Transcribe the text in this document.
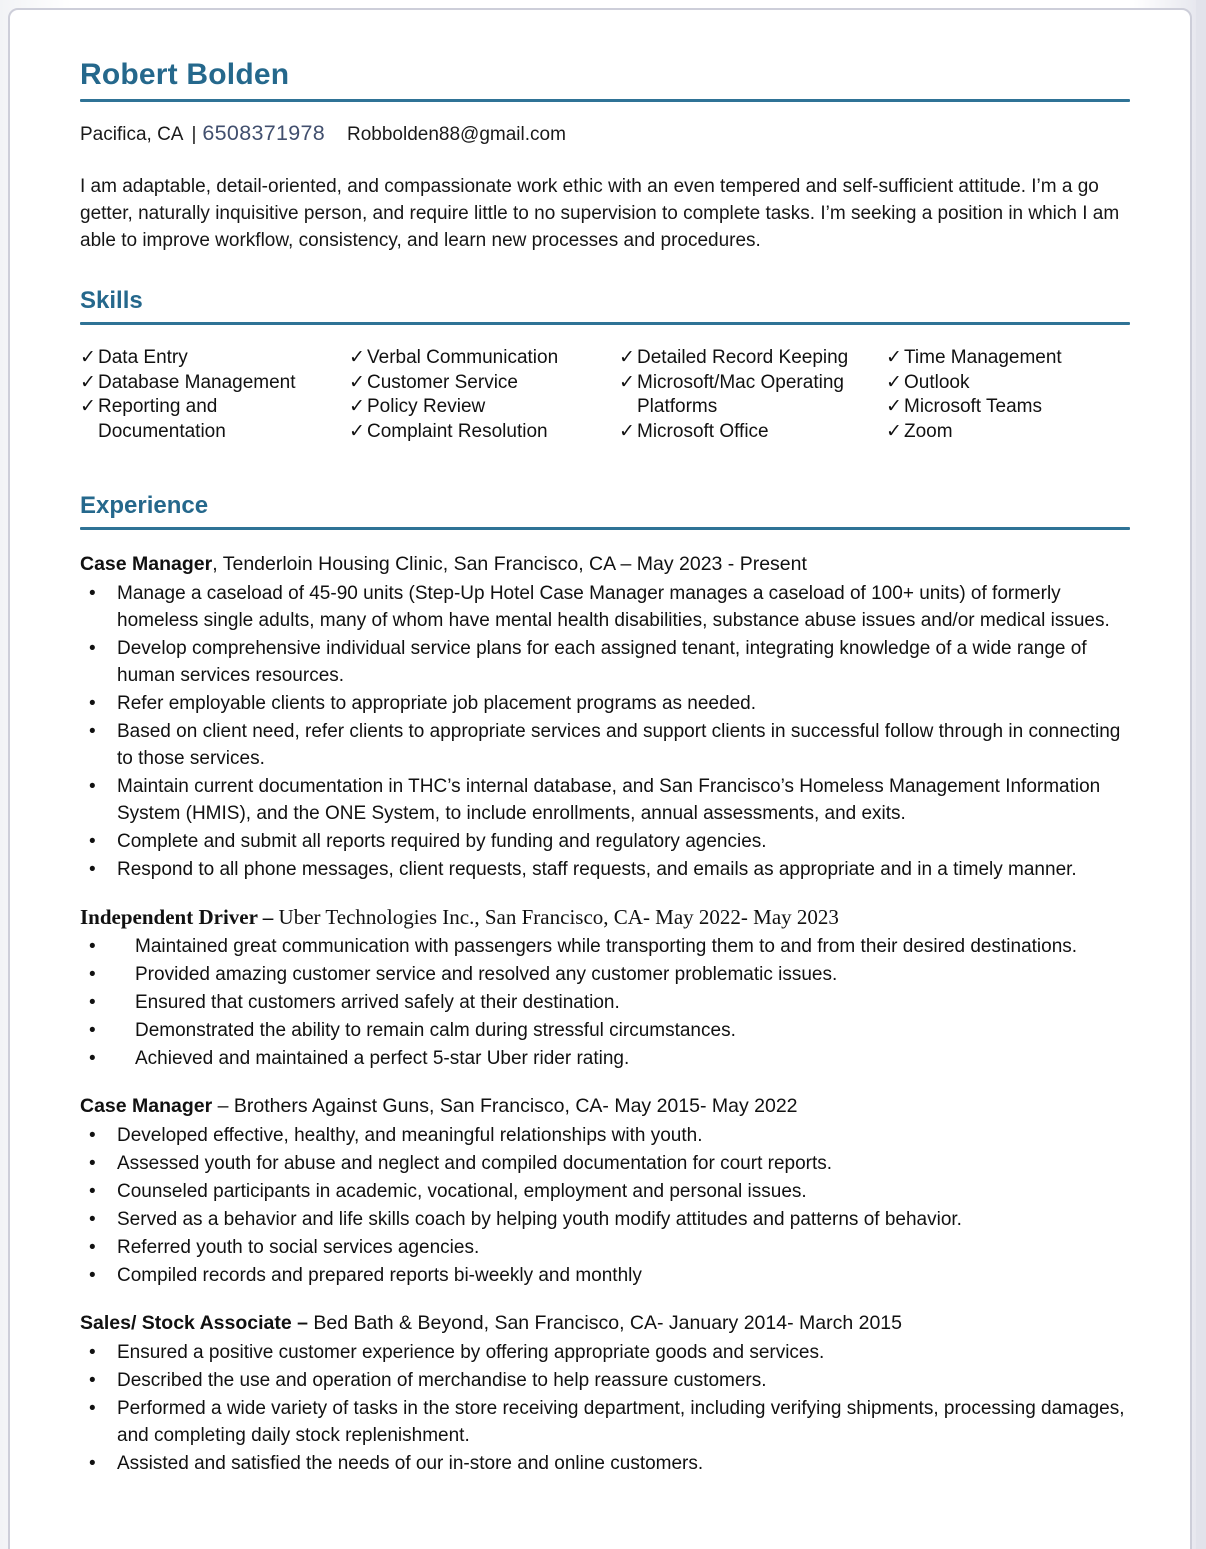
Robert Bolden
Pacifica, CA | 6508371978 Robbolden88@gmail.com

I am adaptable, detail-oriented, and compassionate work ethic with an even tempered and self-sufficient attitude. I’m a go getter, naturally inquisitive person, and require little to no supervision to complete tasks. I’m seeking a position in which I am able to improve workflow, consistency, and learn new processes and procedures.

Skills
✓ Data Entry
✓ Database Management
✓ Reporting and Documentation
✓ Verbal Communication
✓ Customer Service
✓ Policy Review
✓ Complaint Resolution
✓ Detailed Record Keeping
✓ Microsoft/Mac Operating Platforms
✓ Microsoft Office
✓ Time Management
✓ Outlook
✓ Microsoft Teams
✓ Zoom
Experience

Case Manager, Tenderloin Housing Clinic, San Francisco, CA – May 2023 - Present

• Manage a caseload of 45-90 units (Step-Up Hotel Case Manager manages a caseload of 100+ units) of formerly homeless single adults, many of whom have mental health disabilities, substance abuse issues and/or medical issues.
• Develop comprehensive individual service plans for each assigned tenant, integrating knowledge of a wide range of human services resources.
• Refer employable clients to appropriate job placement programs as needed.
• Based on client need, refer clients to appropriate services and support clients in successful follow through in connecting to those services.
• Maintain current documentation in THC’s internal database, and San Francisco’s Homeless Management Information System (HMIS), and the ONE System, to include enrollments, annual assessments, and exits.
• Complete and submit all reports required by funding and regulatory agencies.
• Respond to all phone messages, client requests, staff requests, and emails as appropriate and in a timely manner.

Independent Driver – Uber Technologies Inc., San Francisco, CA- May 2022- May 2023

• Maintained great communication with passengers while transporting them to and from their desired destinations.
• Provided amazing customer service and resolved any customer problematic issues.
• Ensured that customers arrived safely at their destination.
• Demonstrated the ability to remain calm during stressful circumstances.
• Achieved and maintained a perfect 5-star Uber rider rating.

Case Manager – Brothers Against Guns, San Francisco, CA- May 2015- May 2022

• Developed effective, healthy, and meaningful relationships with youth.
• Assessed youth for abuse and neglect and compiled documentation for court reports.
• Counseled participants in academic, vocational, employment and personal issues.
• Served as a behavior and life skills coach by helping youth modify attitudes and patterns of behavior.
• Referred youth to social services agencies.
• Compiled records and prepared reports bi-weekly and monthly

Sales/ Stock Associate – Bed Bath & Beyond, San Francisco, CA- January 2014- March 2015

• Ensured a positive customer experience by offering appropriate goods and services.
• Described the use and operation of merchandise to help reassure customers.
• Performed a wide variety of tasks in the store receiving department, including verifying shipments, processing damages, and completing daily stock replenishment.
• Assisted and satisfied the needs of our in-store and online customers.
